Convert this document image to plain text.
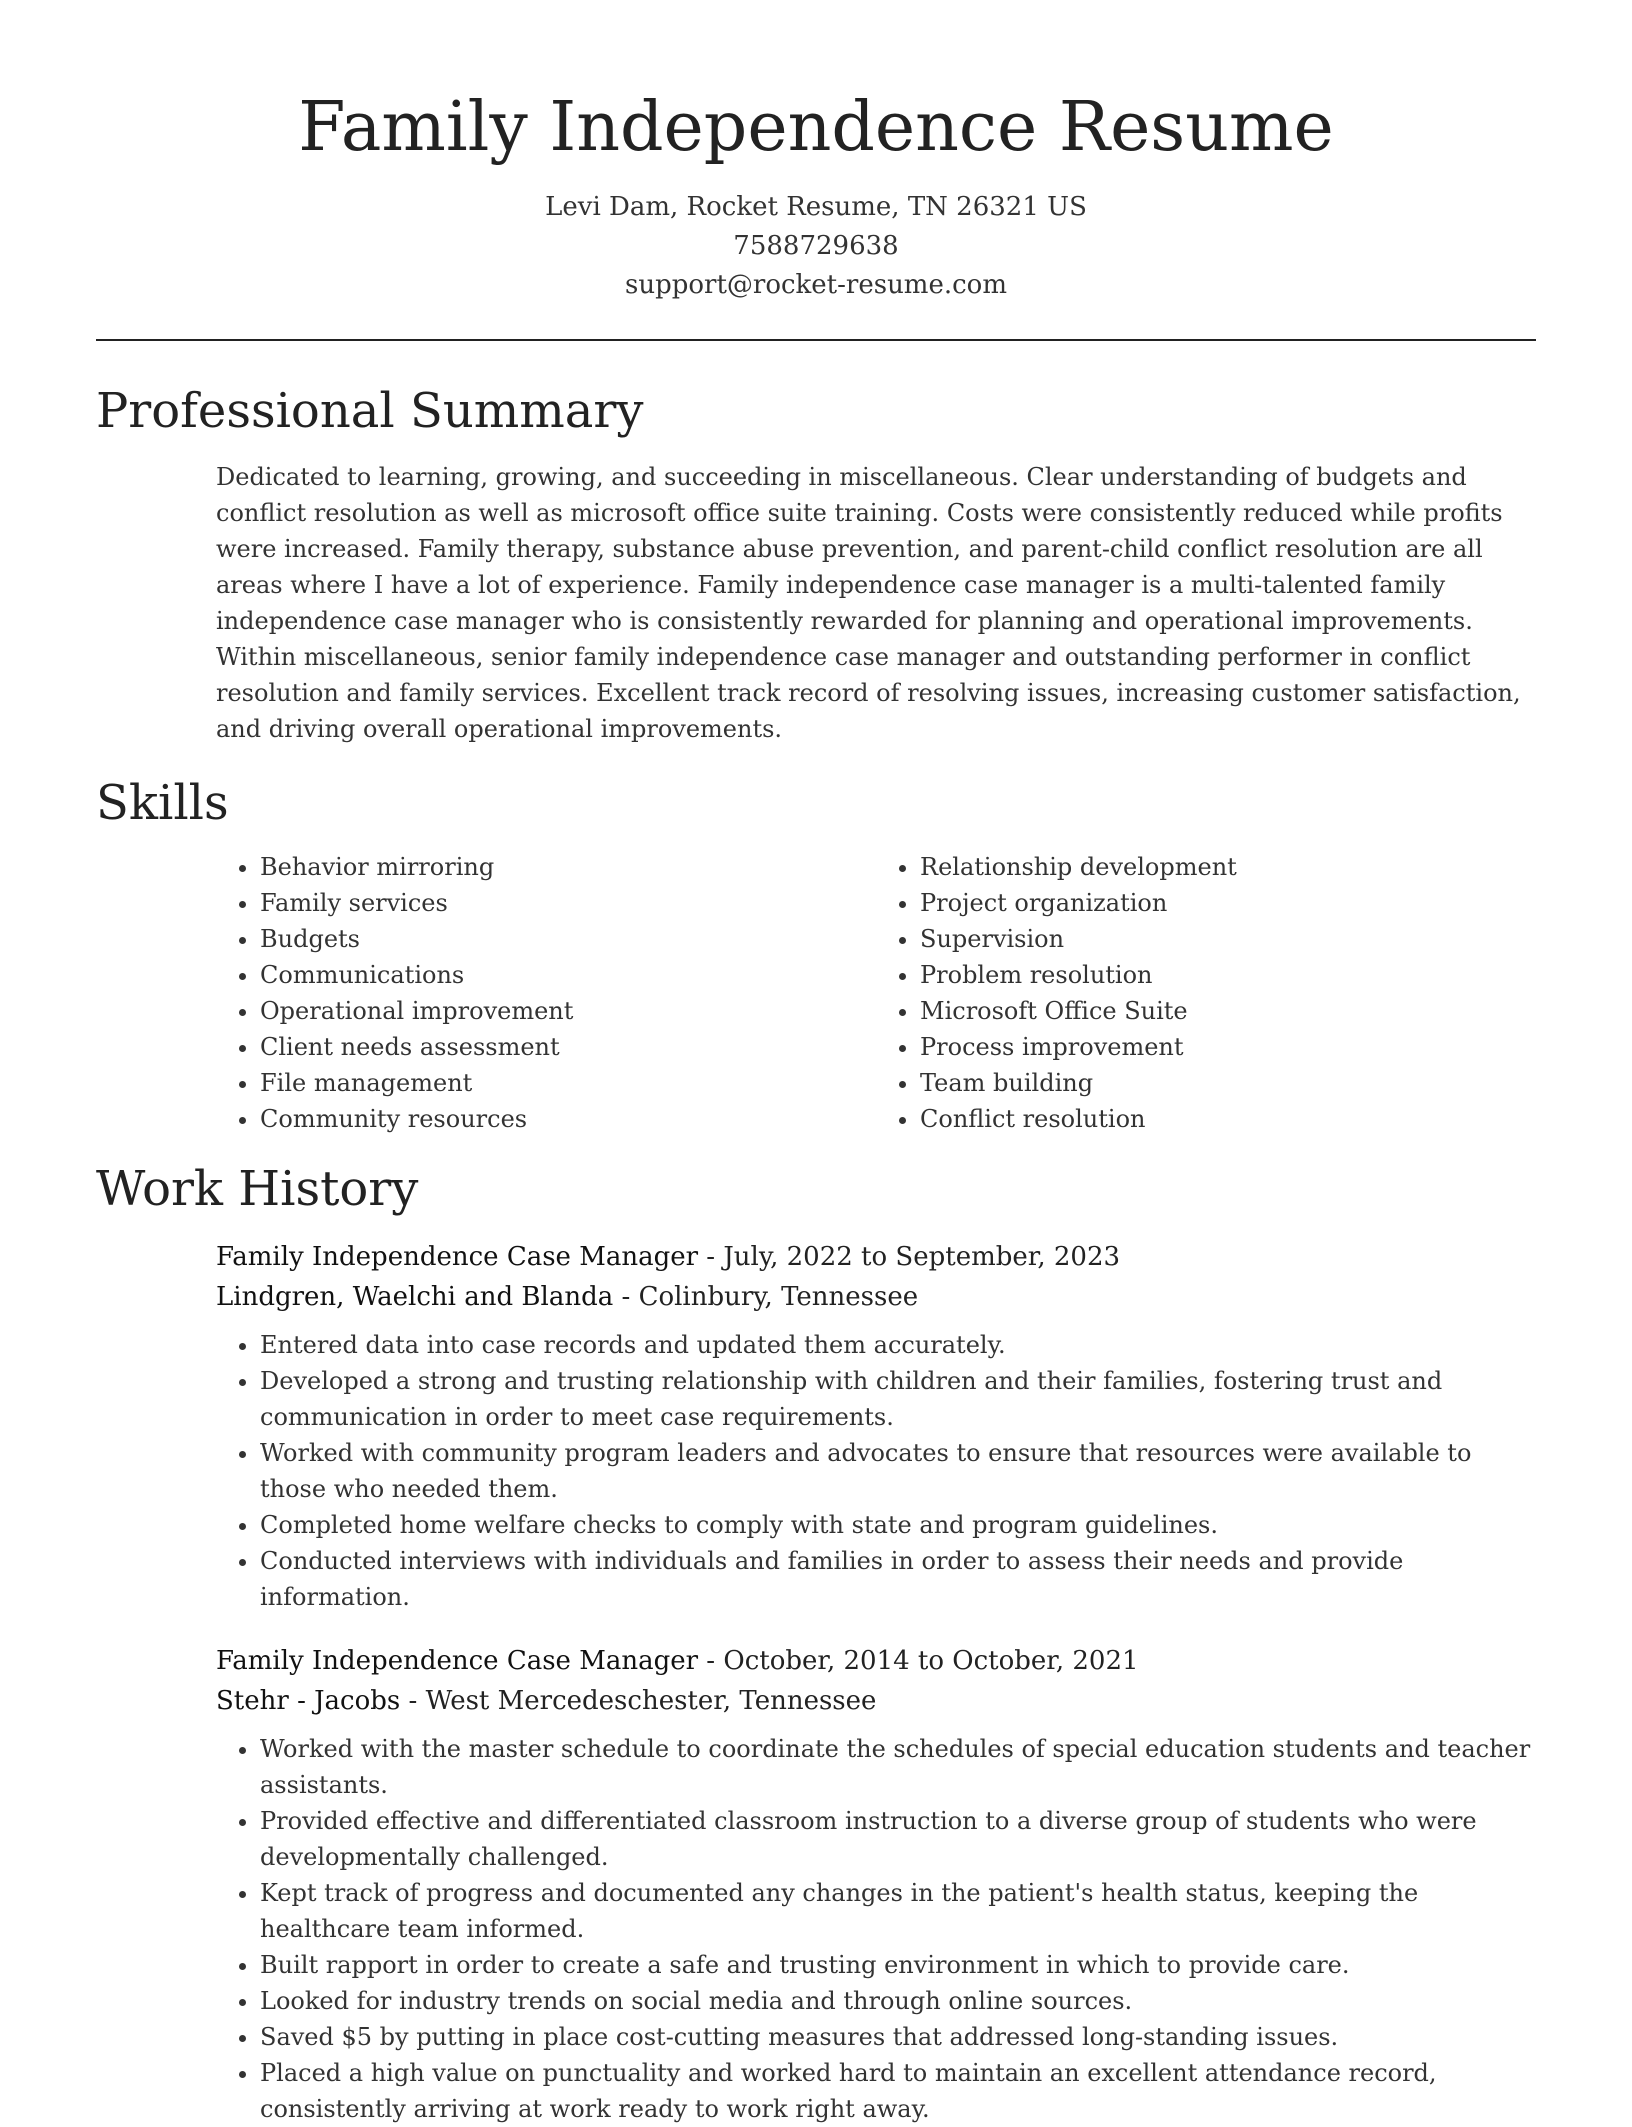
Family Independence Resume
Levi Dam, Rocket Resume, TN 26321 US
7588729638
support@rocket-resume.com
Professional Summary

Dedicated to learning, growing, and succeeding in miscellaneous. Clear understanding of budgets and conflict resolution as well as microsoft office suite training. Costs were consistently reduced while profits were increased. Family therapy, substance abuse prevention, and parent-child conflict resolution are all areas where I have a lot of experience. Family independence case manager is a multi-talented family independence case manager who is consistently rewarded for planning and operational improvements. Within miscellaneous, senior family independence case manager and outstanding performer in conflict resolution and family services. Excellent track record of resolving issues, increasing customer satisfaction, and driving overall operational improvements.

Skills
• Behavior mirroring
• Family services
• Budgets
• Communications
• Operational improvement
• Client needs assessment
• File management
• Community resources
• Relationship development
• Project organization
• Supervision
• Problem resolution
• Microsoft Office Suite
• Process improvement
• Team building
• Conflict resolution
Work History
Family Independence Case Manager - July, 2022 to September, 2023
Lindgren, Waelchi and Blanda - Colinbury, Tennessee
• Entered data into case records and updated them accurately.
• Developed a strong and trusting relationship with children and their families, fostering trust and communication in order to meet case requirements.
• Worked with community program leaders and advocates to ensure that resources were available to those who needed them.
• Completed home welfare checks to comply with state and program guidelines.
• Conducted interviews with individuals and families in order to assess their needs and provide information.
Family Independence Case Manager - October, 2014 to October, 2021
Stehr - Jacobs - West Mercedeschester, Tennessee
• Worked with the master schedule to coordinate the schedules of special education students and teacher assistants.
• Provided effective and differentiated classroom instruction to a diverse group of students who were developmentally challenged.
• Kept track of progress and documented any changes in the patient's health status, keeping the healthcare team informed.
• Built rapport in order to create a safe and trusting environment in which to provide care.
• Looked for industry trends on social media and through online sources.
• Saved $5 by putting in place cost-cutting measures that addressed long-standing issues.
• Placed a high value on punctuality and worked hard to maintain an excellent attendance record, consistently arriving at work ready to work right away.
